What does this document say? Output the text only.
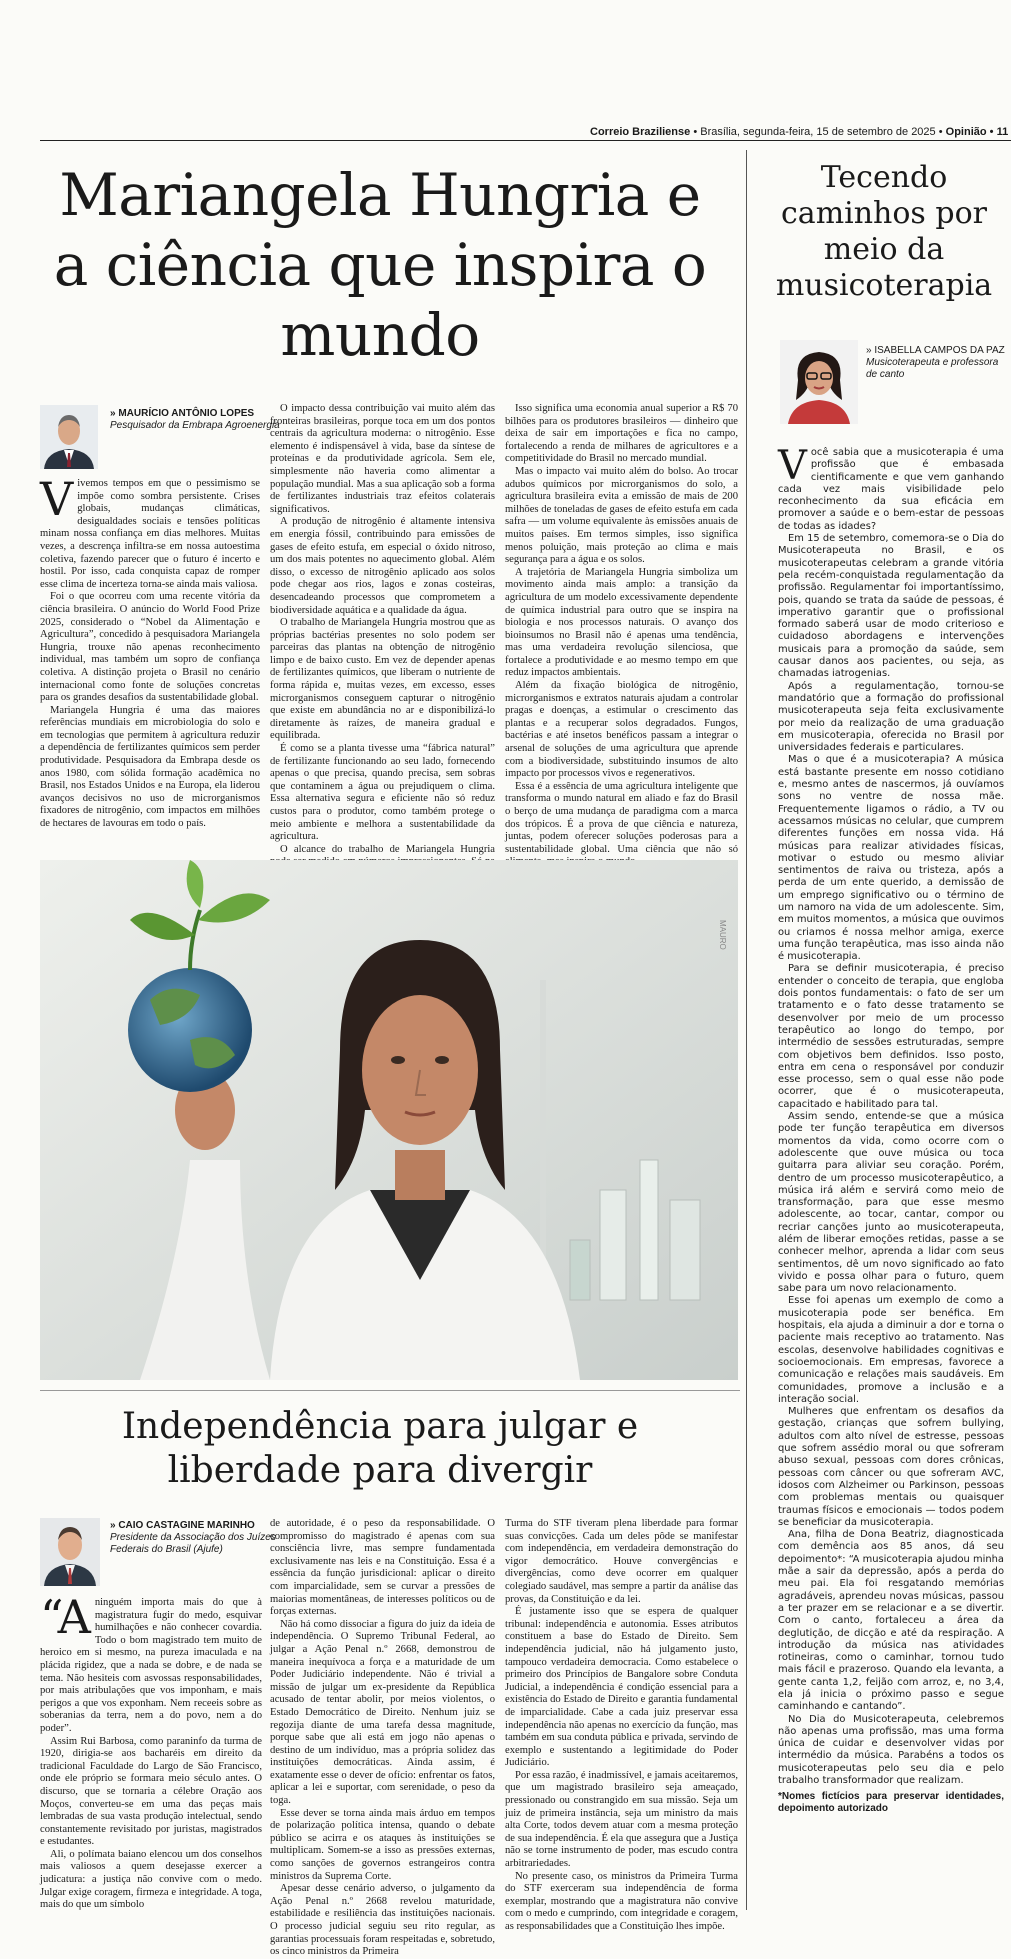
Correio Braziliense • Brasília, segunda-feira, 15 de setembro de 2025 • Opinião • 11
Mariangela Hungria e a ciência que inspira o mundo
» MAURÍCIO ANTÔNIO LOPES
Pesquisador da Embrapa Agroenergia

Vivemos tempos em que o pessimismo se impõe como sombra persistente. Crises globais, mudanças climáticas, desigualdades sociais e tensões políticas minam nossa confiança em dias melhores. Muitas vezes, a descrença infiltra-se em nossa autoestima coletiva, fazendo parecer que o futuro é incerto e hostil. Por isso, cada conquista capaz de romper esse clima de incerteza torna-se ainda mais valiosa.

Foi o que ocorreu com uma recente vitória da ciência brasileira. O anúncio do World Food Prize 2025, considerado o “Nobel da Alimentação e Agricultura”, concedido à pesquisadora Mariangela Hungria, trouxe não apenas reconhecimento individual, mas também um sopro de confiança coletiva. A distinção projeta o Brasil no cenário internacional como fonte de soluções concretas para os grandes desafios da sustentabilidade global.

Mariangela Hungria é uma das maiores referências mundiais em microbiologia do solo e em tecnologias que permitem à agricultura reduzir a dependência de fertilizantes químicos sem perder produtividade. Pesquisadora da Embrapa desde os anos 1980, com sólida formação acadêmica no Brasil, nos Estados Unidos e na Europa, ela liderou avanços decisivos no uso de microrganismos fixadores de nitrogênio, com impactos em milhões de hectares de lavouras em todo o país.

O impacto dessa contribuição vai muito além das fronteiras brasileiras, porque toca em um dos pontos centrais da agricultura moderna: o nitrogênio. Esse elemento é indispensável à vida, base da síntese de proteínas e da produtividade agrícola. Sem ele, simplesmente não haveria como alimentar a população mundial. Mas a sua aplicação sob a forma de fertilizantes industriais traz efeitos colaterais significativos.

A produção de nitrogênio é altamente intensiva em energia fóssil, contribuindo para emissões de gases de efeito estufa, em especial o óxido nitroso, um dos mais potentes no aquecimento global. Além disso, o excesso de nitrogênio aplicado aos solos pode chegar aos rios, lagos e zonas costeiras, desencadeando processos que comprometem a biodiversidade aquática e a qualidade da água.

O trabalho de Mariangela Hungria mostrou que as próprias bactérias presentes no solo podem ser parceiras das plantas na obtenção de nitrogênio limpo e de baixo custo. Em vez de depender apenas de fertilizantes químicos, que liberam o nutriente de forma rápida e, muitas vezes, em excesso, esses microrganismos conseguem capturar o nitrogênio que existe em abundância no ar e disponibilizá-lo diretamente às raízes, de maneira gradual e equilibrada.

É como se a planta tivesse uma “fábrica natural” de fertilizante funcionando ao seu lado, fornecendo apenas o que precisa, quando precisa, sem sobras que contaminem a água ou prejudiquem o clima. Essa alternativa segura e eficiente não só reduz custos para o produtor, como também protege o meio ambiente e melhora a sustentabilidade da agricultura.

O alcance do trabalho de Mariangela Hungria

Isso significa uma economia anual superior a R$ 70 bilhões para os produtores brasileiros — dinheiro que deixa de sair em importações e fica no campo, fortalecendo a renda de milhares de agricultores e a competitividade do Brasil no mercado mundial.

Mas o impacto vai muito além do bolso. Ao trocar adubos químicos por microrganismos do solo, a agricultura brasileira evita a emissão de mais de 200 milhões de toneladas de gases de efeito estufa em cada safra — um volume equivalente às emissões anuais de muitos países. Em termos simples, isso significa menos poluição, mais proteção ao clima e mais segurança para a água e os solos.

A trajetória de Mariangela Hungria simboliza um movimento ainda mais amplo: a transição da agricultura de um modelo excessivamente dependente de química industrial para outro que se inspira na biologia e nos processos naturais. O avanço dos bioinsumos no Brasil não é apenas uma tendência, mas uma verdadeira revolução silenciosa, que fortalece a produtividade e ao mesmo tempo em que reduz impactos ambientais.

Além da fixação biológica de nitrogênio, microrganismos e extratos naturais ajudam a controlar pragas e doenças, a estimular o crescimento das plantas e a recuperar solos degradados. Fungos, bactérias e até insetos benéficos passam a integrar o arsenal de soluções de uma agricultura que aprende com a biodiversidade, substituindo insumos de alto impacto por processos vivos e regenerativos.

Essa é a essência de uma agricultura inteligente que transforma o mundo natural em aliado e faz do Brasil o berço de uma mudança de paradigma com a marca dos trópicos. É a prova de que ciência e natureza, juntas, podem oferecer soluções poderosas para a sustentabilidade global. Uma ciência que não só

MAURO
Independência para julgar e liberdade para divergir
» CAIO CASTAGINE MARINHO
Presidente da Associação dos Juízes Federais do Brasil (Ajufe)

“Aninguém importa mais do que à magistratura fugir do medo, esquivar humilhações e não conhecer covardia. Todo o bom magistrado tem muito de heroico em si mesmo, na pureza imaculada e na plácida rigidez, que a nada se dobre, e de nada se tema. Não hesiteis com asvossas responsabilidades, por mais atribulações que vos imponham, e mais perigos a que vos exponham. Nem receeis sobre as soberanias da terra, nem a do povo, nem a do poder”.

Assim Rui Barbosa, como paraninfo da turma de 1920, dirigia-se aos bacharéis em direito da tradicional Faculdade do Largo de São Francisco, onde ele próprio se formara meio século antes. O discurso, que se tornaria a célebre Oração aos Moços, converteu-se em uma das peças mais lembradas de sua vasta produção intelectual, sendo constantemente revisitado por juristas, magistrados e estudantes.

Ali, o polímata baiano elencou um dos conselhos mais valiosos a quem desejasse exercer a judicatura: a justiça não convive com o medo. Julgar exige coragem, firmeza e integridade. A toga, mais do que um símbolo

de autoridade, é o peso da responsabilidade. O compromisso do magistrado é apenas com sua consciência livre, mas sempre fundamentada exclusivamente nas leis e na Constituição. Essa é a essência da função jurisdicional: aplicar o direito com imparcialidade, sem se curvar a pressões de maiorias momentâneas, de interesses políticos ou de forças externas.

Não há como dissociar a figura do juiz da ideia de independência. O Supremo Tribunal Federal, ao julgar a Ação Penal n.º 2668, demonstrou de maneira inequívoca a força e a maturidade de um Poder Judiciário independente. Não é trivial a missão de julgar um ex-presidente da República acusado de tentar abolir, por meios violentos, o Estado Democrático de Direito. Nenhum juiz se regozija diante de uma tarefa dessa magnitude, porque sabe que ali está em jogo não apenas o destino de um indivíduo, mas a própria solidez das instituições democráticas. Ainda assim, é exatamente esse o dever de ofício: enfrentar os fatos, aplicar a lei e suportar, com serenidade, o peso da toga.

Esse dever se torna ainda mais árduo em tempos de polarização política intensa, quando o debate público se acirra e os ataques às instituições se multiplicam. Somem-se a isso as pressões externas, como sanções de governos estrangeiros contra ministros da Suprema Corte.

Apesar desse cenário adverso, o julgamento da Ação Penal n.º 2668 revelou maturidade, estabilidade e resiliência das instituições nacionais. O processo judicial seguiu seu rito regular, as garantias processuais foram respeitadas e, sobretudo, os cinco ministros da Primeira

Turma do STF tiveram plena liberdade para formar suas convicções. Cada um deles pôde se manifestar com independência, em verdadeira demonstração do vigor democrático. Houve convergências e divergências, como deve ocorrer em qualquer colegiado saudável, mas sempre a partir da análise das provas, da Constituição e da lei.

É justamente isso que se espera de qualquer tribunal: independência e autonomia. Esses atributos constituem a base do Estado de Direito. Sem independência judicial, não há julgamento justo, tampouco verdadeira democracia. Como estabelece o primeiro dos Princípios de Bangalore sobre Conduta Judicial, a independência é condição essencial para a existência do Estado de Direito e garantia fundamental de imparcialidade. Cabe a cada juiz preservar essa independência não apenas no exercício da função, mas também em sua conduta pública e privada, servindo de exemplo e sustentando a legitimidade do Poder Judiciário.

Por essa razão, é inadmissível, e jamais aceitaremos, que um magistrado brasileiro seja ameaçado, pressionado ou constrangido em sua missão. Seja um juiz de primeira instância, seja um ministro da mais alta Corte, todos devem atuar com a mesma proteção de sua independência. É ela que assegura que a Justiça não se torne instrumento de poder, mas escudo contra arbitrariedades.

No presente caso, os ministros da Primeira Turma do STF exerceram sua independência de forma exemplar, mostrando que a magistratura não convive com o medo e cumprindo, com integridade e coragem, as responsabilidades que a Constituição lhes impõe.

Tecendo caminhos por meio da musicoterapia
» ISABELLA CAMPOS DA PAZ
Musicoterapeuta e professora de canto

Você sabia que a musicoterapia é uma profissão que é embasada cientificamente e que vem ganhando cada vez mais visibilidade pelo reconhecimento da sua eficácia em promover a saúde e o bem-estar de pessoas de todas as idades?

Em 15 de setembro, comemora-se o Dia do Musicoterapeuta no Brasil, e os musicoterapeutas celebram a grande vitória pela recém-conquistada regulamentação da profissão. Regulamentar foi importantíssimo, pois, quando se trata da saúde de pessoas, é imperativo garantir que o profissional formado saberá usar de modo criterioso e cuidadoso abordagens e intervenções musicais para a promoção da saúde, sem causar danos aos pacientes, ou seja, as chamadas iatrogenias.

Após a regulamentação, tornou-se mandatório que a formação do profissional musicoterapeuta seja feita exclusivamente por meio da realização de uma graduação em musicoterapia, oferecida no Brasil por universidades federais e particulares.

Mas o que é a musicoterapia? A música está bastante presente em nosso cotidiano e, mesmo antes de nascermos, já ouvíamos sons no ventre de nossa mãe. Frequentemente ligamos o rádio, a TV ou acessamos músicas no celular, que cumprem diferentes funções em nossa vida. Há músicas para realizar atividades físicas, motivar o estudo ou mesmo aliviar sentimentos de raiva ou tristeza, após a perda de um ente querido, a demissão de um emprego significativo ou o término de um namoro na vida de um adolescente. Sim, em muitos momentos, a música que ouvimos ou criamos é nossa melhor amiga, exerce uma função terapêutica, mas isso ainda não é musicoterapia.

Para se definir musicoterapia, é preciso entender o conceito de terapia, que engloba dois pontos fundamentais: o fato de ser um tratamento e o fato desse tratamento se desenvolver por meio de um processo terapêutico ao longo do tempo, por intermédio de sessões estruturadas, sempre com objetivos bem definidos. Isso posto, entra em cena o responsável por conduzir esse processo, sem o qual esse não pode ocorrer, que é o musicoterapeuta, capacitado e habilitado para tal.

Assim sendo, entende-se que a música pode ter função terapêutica em diversos momentos da vida, como ocorre com o adolescente que ouve música ou toca guitarra para aliviar seu coração. Porém, dentro de um processo musicoterapêutico, a música irá além e servirá como meio de transformação, para que esse mesmo adolescente, ao tocar, cantar, compor ou recriar canções junto ao musicoterapeuta, além de liberar emoções retidas, passe a se conhecer melhor, aprenda a lidar com seus sentimentos, dê um novo significado ao fato vivido e possa olhar para o futuro, quem sabe para um novo relacionamento.

Esse foi apenas um exemplo de como a musicoterapia pode ser benéfica. Em hospitais, ela ajuda a diminuir a dor e torna o paciente mais receptivo ao tratamento. Nas escolas, desenvolve habilidades cognitivas e socioemocionais. Em empresas, favorece a comunicação e relações mais saudáveis. Em comunidades, promove a inclusão e a interação social.

Mulheres que enfrentam os desafios da gestação, crianças que sofrem bullying, adultos com alto nível de estresse, pessoas que sofrem assédio moral ou que sofreram abuso sexual, pessoas com dores crônicas, pessoas com câncer ou que sofreram AVC, idosos com Alzheimer ou Parkinson, pessoas com problemas mentais ou quaisquer traumas físicos e emocionais — todos podem se beneficiar da musicoterapia.

Ana, filha de Dona Beatriz, diagnosticada com demência aos 85 anos, dá seu depoimento*: “A musicoterapia ajudou minha mãe a sair da depressão, após a perda do meu pai. Ela foi resgatando memórias agradáveis, aprendeu novas músicas, passou a ter prazer em se relacionar e a se divertir. Com o canto, fortaleceu a área da deglutição, de dicção e até da respiração. A introdução da música nas atividades rotineiras, como o caminhar, tornou tudo mais fácil e prazeroso. Quando ela levanta, a gente canta 1,2, feijão com arroz, e, no 3,4, ela já inicia o próximo passo e segue caminhando e cantando”.

No Dia do Musicoterapeuta, celebremos não apenas uma profissão, mas uma forma única de cuidar e desenvolver vidas por intermédio da música. Parabéns a todos os musicoterapeutas pelo seu dia e pelo trabalho transformador que realizam.

*Nomes fictícios para preservar identidades, depoimento autorizado
